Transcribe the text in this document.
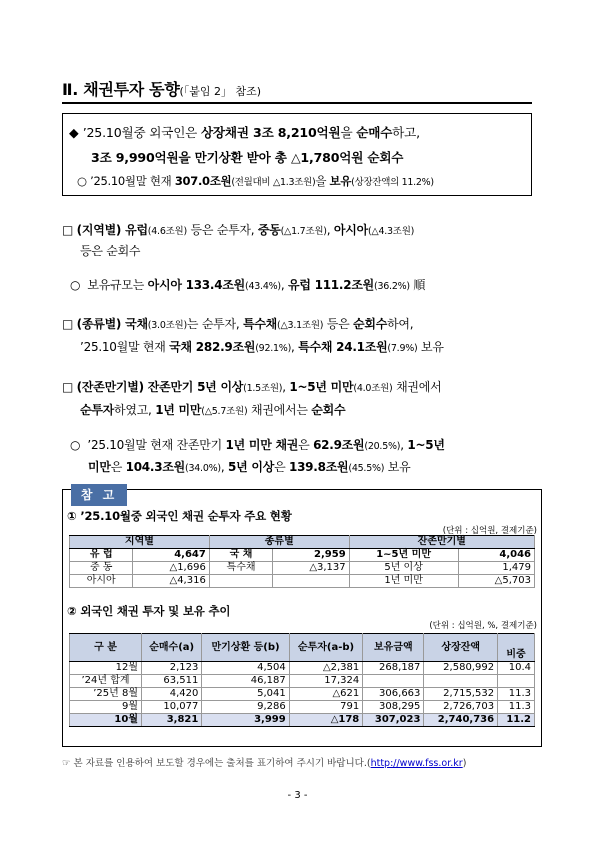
Ⅱ. 채권투자 동향(「붙임 2」 참조)
◆ ’25.10월중 외국인은 상장채권 3조 8,210억원을 순매수하고,
3조 9,990억원을 만기상환 받아 총 △1,780억원 순회수
○ ’25.10월말 현재 307.0조원(전월대비 △1.3조원)을 보유(상장잔액의 11.2%)
□ (지역별) 유럽(4.6조원) 등은 순투자, 중동(△1.7조원), 아시아(△4.3조원)
등은 순회수
○ 보유규모는 아시아 133.4조원(43.4%), 유럽 111.2조원(36.2%) 順
□ (종류별) 국채(3.0조원)는 순투자, 특수채(△3.1조원) 등은 순회수하여,
’25.10월말 현재 국채 282.9조원(92.1%), 특수채 24.1조원(7.9%) 보유
□ (잔존만기별) 잔존만기 5년 이상(1.5조원), 1~5년 미만(4.0조원) 채권에서
순투자하였고, 1년 미만(△5.7조원) 채권에서는 순회수
○ ’25.10월말 현재 잔존만기 1년 미만 채권은 62.9조원(20.5%), 1~5년
미만은 104.3조원(34.0%), 5년 이상은 139.8조원(45.5%) 보유
참 고
① ’25.10월중 외국인 채권 순투자 주요 현황
(단위 : 십억원, 결제기준)
지역별		종류별		잔존만기별	
유 럽	4,647	국 채	2,959	1~5년 미만	4,046
중 동	△1,696	특수채	△3,137	5년 이상	1,479
아시아	△4,316			1년 미만	△5,703
② 외국인 채권 투자 및 보유 추이
(단위 : 십억원, %, 결제기준)
구 분	순매수(a)	만기상환 등(b)	순투자(a-b)	보유금액	상장잔액	비중
12월	2,123	4,504	△2,381	268,187	2,580,992	10.4
’24년 합계	63,511	46,187	17,324			
’25년 8월	4,420	5,041	△621	306,663	2,715,532	11.3
9월	10,077	9,286	791	308,295	2,726,703	11.3
10월	3,821	3,999	△178	307,023	2,740,736	11.2
☞ 본 자료를 인용하여 보도할 경우에는 출처를 표기하여 주시기 바랍니다.(http://www.fss.or.kr)
- 3 -
